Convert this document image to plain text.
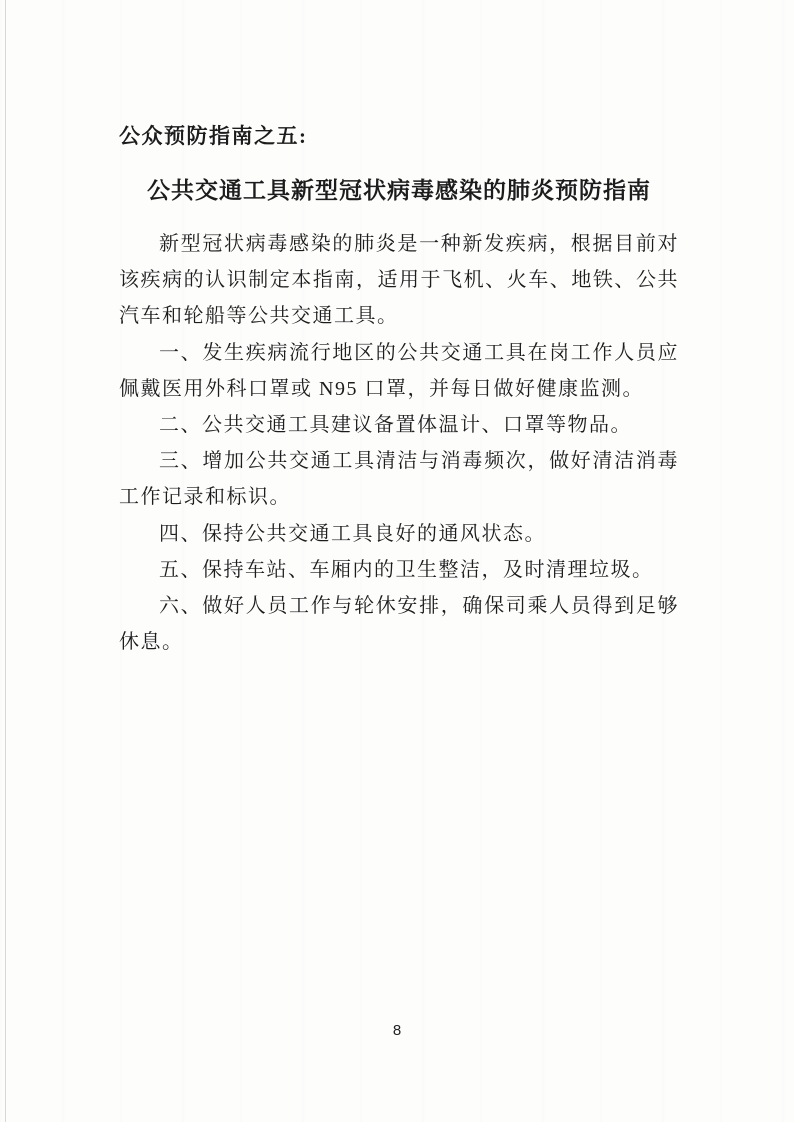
公众预防指南之五:
公共交通工具新型冠状病毒感染的肺炎预防指南

新型冠状病毒感染的肺炎是一种新发疾病，根据目前对该疾病的认识制定本指南，适用于飞机、火车、地铁、公共汽车和轮船等公共交通工具。

一、发生疾病流行地区的公共交通工具在岗工作人员应佩戴医用外科口罩或 N95 口罩，并每日做好健康监测。

二、公共交通工具建议备置体温计、口罩等物品。

三、增加公共交通工具清洁与消毒频次，做好清洁消毒工作记录和标识。

四、保持公共交通工具良好的通风状态。

五、保持车站、车厢内的卫生整洁，及时清理垃圾。

六、做好人员工作与轮休安排，确保司乘人员得到足够休息。

8
